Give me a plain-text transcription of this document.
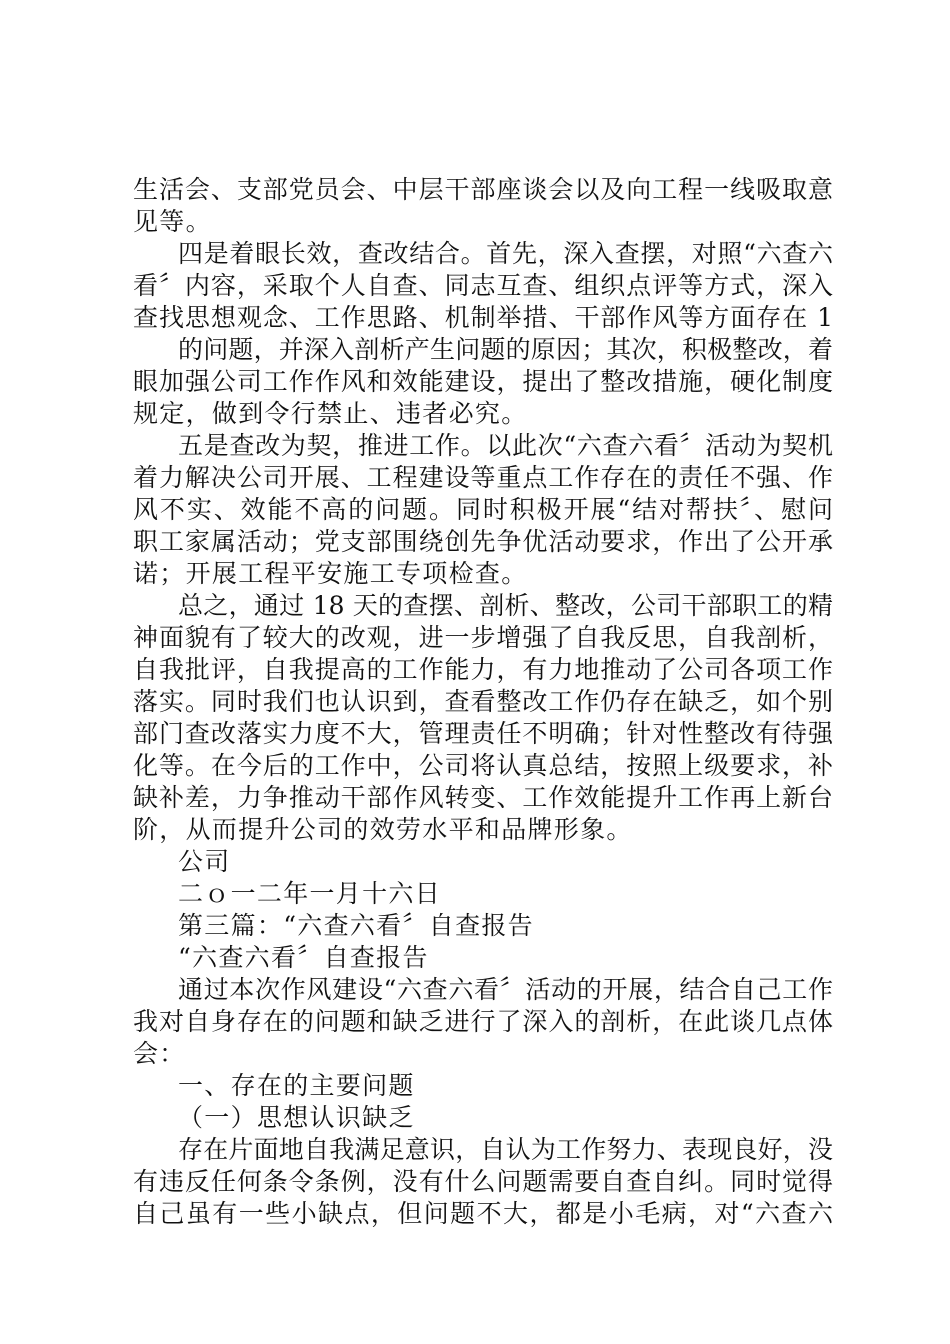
生活会、支部党员会、中层干部座谈会以及向工程一线吸取意
见等。
四是着眼长效，查改结合。首先，深入查摆，对照“六查六
看〞内容，采取个人自查、同志互查、组织点评等方式，深入
查找思想观念、工作思路、机制举措、干部作风等方面存在 1
的问题，并深入剖析产生问题的原因；其次，积极整改，着
眼加强公司工作作风和效能建设，提出了整改措施，硬化制度
规定，做到令行禁止、违者必究。
五是查改为契，推进工作。以此次“六查六看〞活动为契机
着力解决公司开展、工程建设等重点工作存在的责任不强、作
风不实、效能不高的问题。同时积极开展“结对帮扶〞、慰问
职工家属活动；党支部围绕创先争优活动要求，作出了公开承
诺；开展工程平安施工专项检查。
总之，通过 18 天的查摆、剖析、整改，公司干部职工的精
神面貌有了较大的改观，进一步增强了自我反思，自我剖析，
自我批评，自我提高的工作能力，有力地推动了公司各项工作
落实。同时我们也认识到，查看整改工作仍存在缺乏，如个别
部门查改落实力度不大，管理责任不明确；针对性整改有待强
化等。在今后的工作中，公司将认真总结，按照上级要求，补
缺补差，力争推动干部作风转变、工作效能提升工作再上新台
阶，从而提升公司的效劳水平和品牌形象。
公司
二ｏ一二年一月十六日
第三篇：“六查六看〞自查报告
“六查六看〞自查报告
通过本次作风建设“六查六看〞活动的开展，结合自己工作
我对自身存在的问题和缺乏进行了深入的剖析，在此谈几点体
会：
一、存在的主要问题
（一）思想认识缺乏
存在片面地自我满足意识，自认为工作努力、表现良好，没
有违反任何条令条例，没有什么问题需要自查自纠。同时觉得
自己虽有一些小缺点，但问题不大，都是小毛病，对“六查六
